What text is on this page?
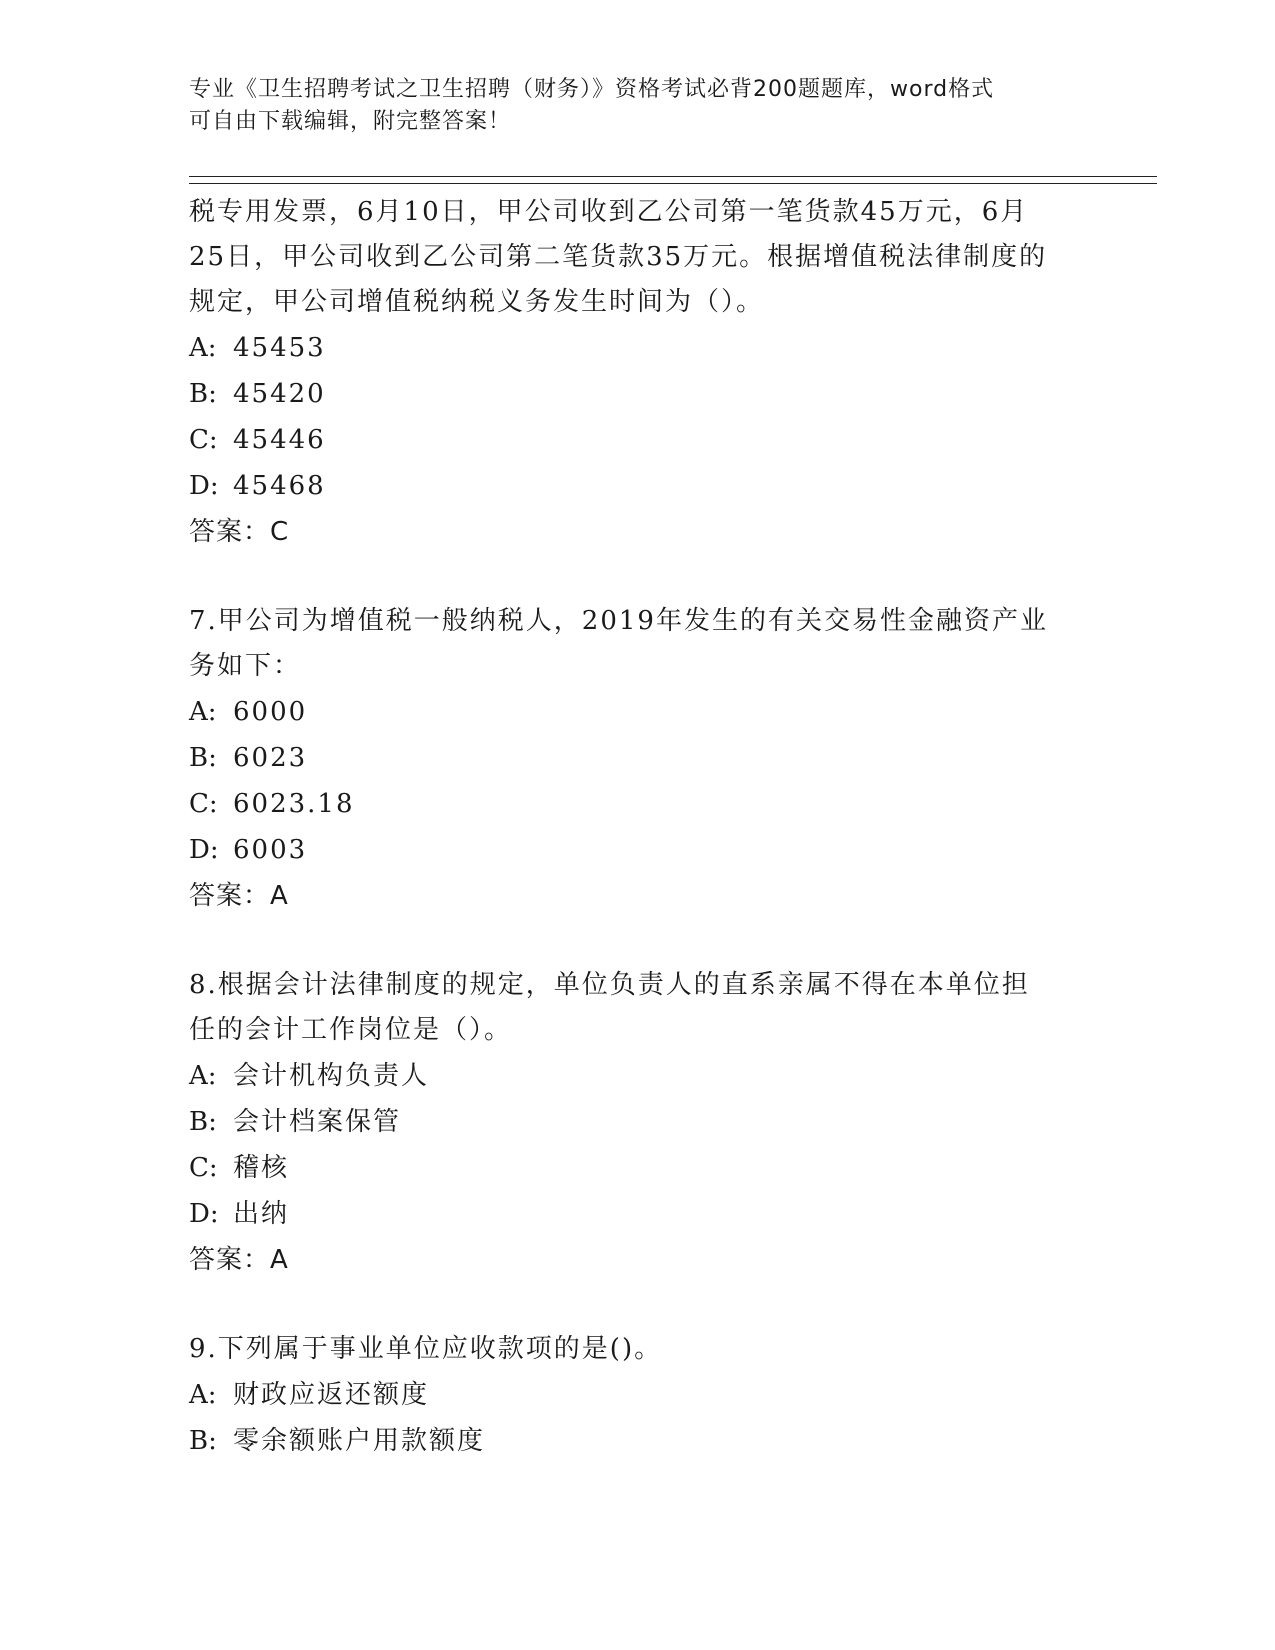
专业《卫生招聘考试之卫生招聘（财务）》资格考试必背200题题库，word格式
可自由下载编辑，附完整答案！
税专用发票，6月10日，甲公司收到乙公司第一笔货款45万元，6月
25日，甲公司收到乙公司第二笔货款35万元。根据增值税法律制度的
规定，甲公司增值税纳税义务发生时间为（）。
A: 45453
B: 45420
C: 45446
D: 45468
答案：C
7.甲公司为增值税一般纳税人，2019年发生的有关交易性金融资产业
务如下：
A: 6000
B: 6023
C: 6023.18
D: 6003
答案：A
8.根据会计法律制度的规定，单位负责人的直系亲属不得在本单位担
任的会计工作岗位是（）。
A: 会计机构负责人
B: 会计档案保管
C: 稽核
D: 出纳
答案：A
9.下列属于事业单位应收款项的是()。
A: 财政应返还额度
B: 零余额账户用款额度
